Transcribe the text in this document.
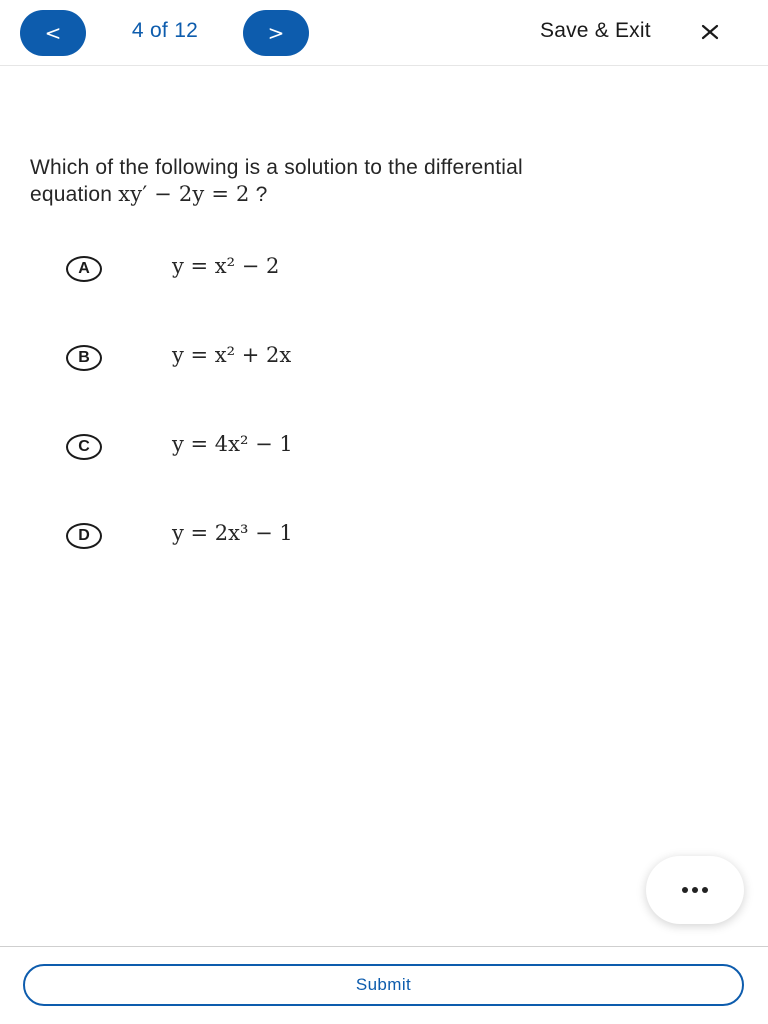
<	4 of 12	>	Save & Exit
Which of the following is a solution to the differential
equation xy′ − 2y = 2 ?
A	y = x² − 2
B	y = x² + 2x
C	y = 4x² − 1
D	y = 2x³ − 1
Submit
